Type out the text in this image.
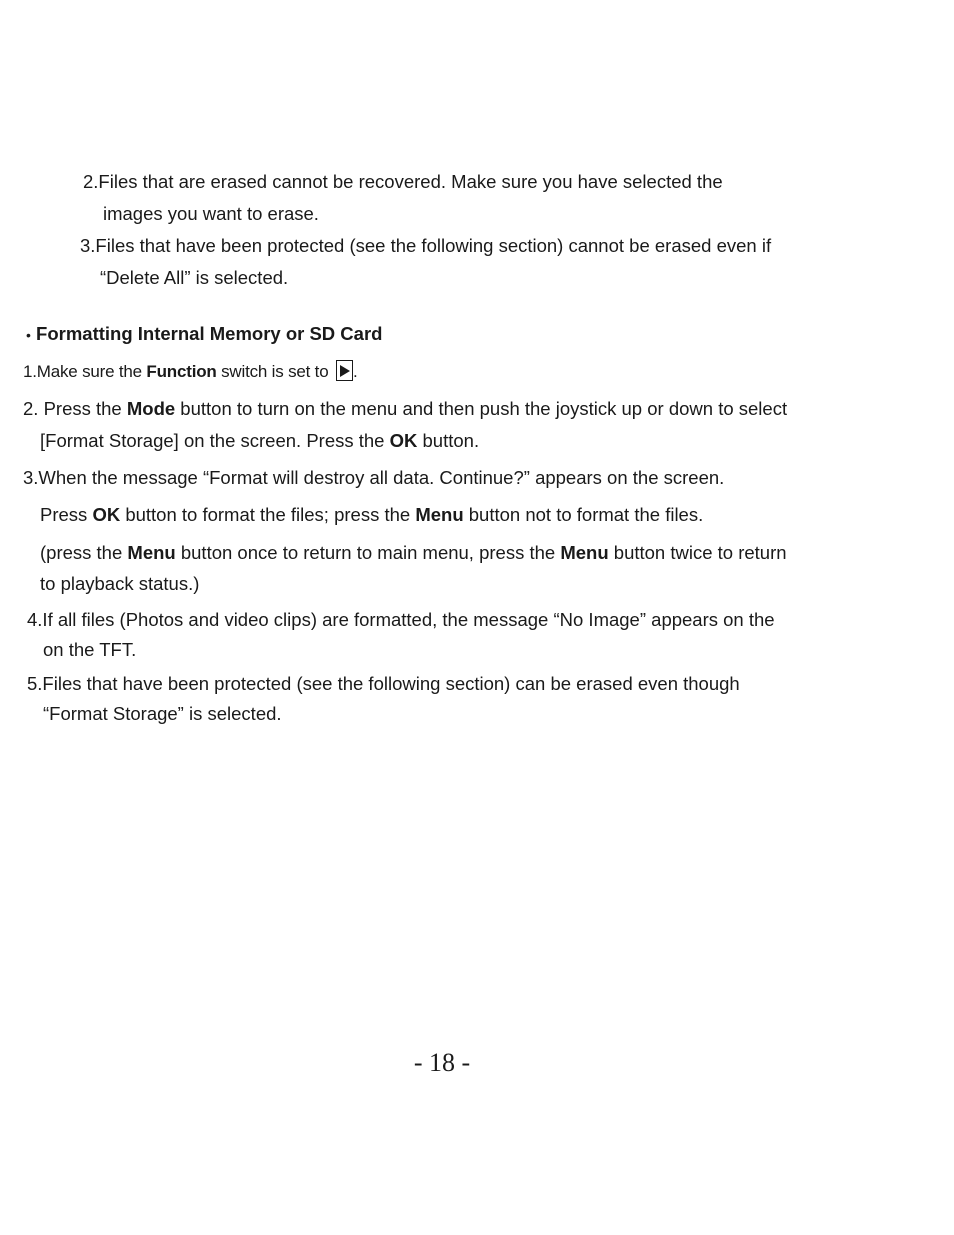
2.Files that are erased cannot be recovered. Make sure you have selected the
images you want to erase.
3.Files that have been protected (see the following section) cannot be erased even if
“Delete All” is selected.
• Formatting Internal Memory or SD Card
1.Make sure the Function switch is set to .
2. Press the Mode button to turn on the menu and then push the joystick up or down to select
[Format Storage] on the screen. Press the OK button.
3.When the message “Format will destroy all data. Continue?” appears on the screen.
Press OK button to format the files; press the Menu button not to format the files.
(press the Menu button once to return to main menu, press the Menu button twice to return
to playback status.)
4.If all files (Photos and video clips) are formatted, the message “No Image” appears on the
on the TFT.
5.Files that have been protected (see the following section) can be erased even though
“Format Storage” is selected.
- 18 -
